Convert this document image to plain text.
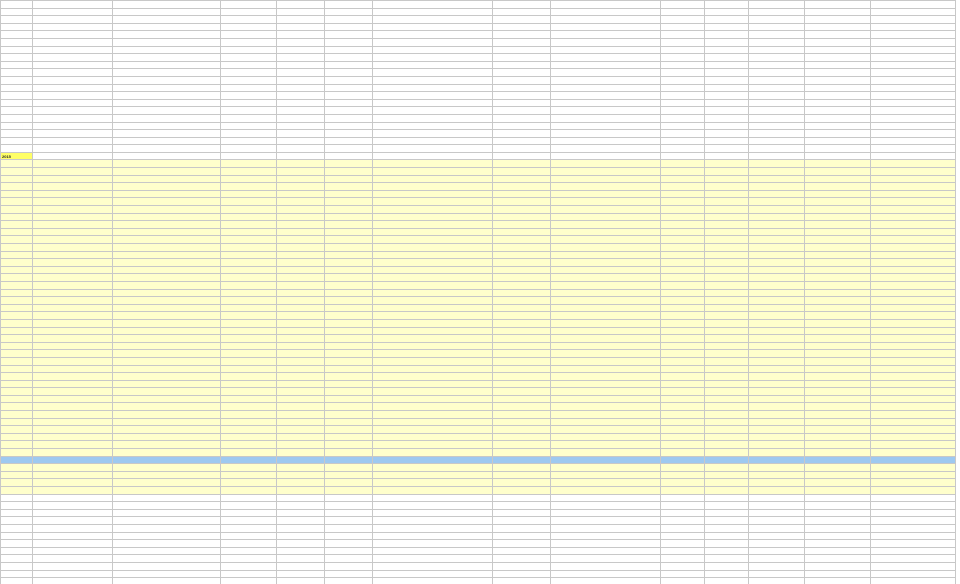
2015													
